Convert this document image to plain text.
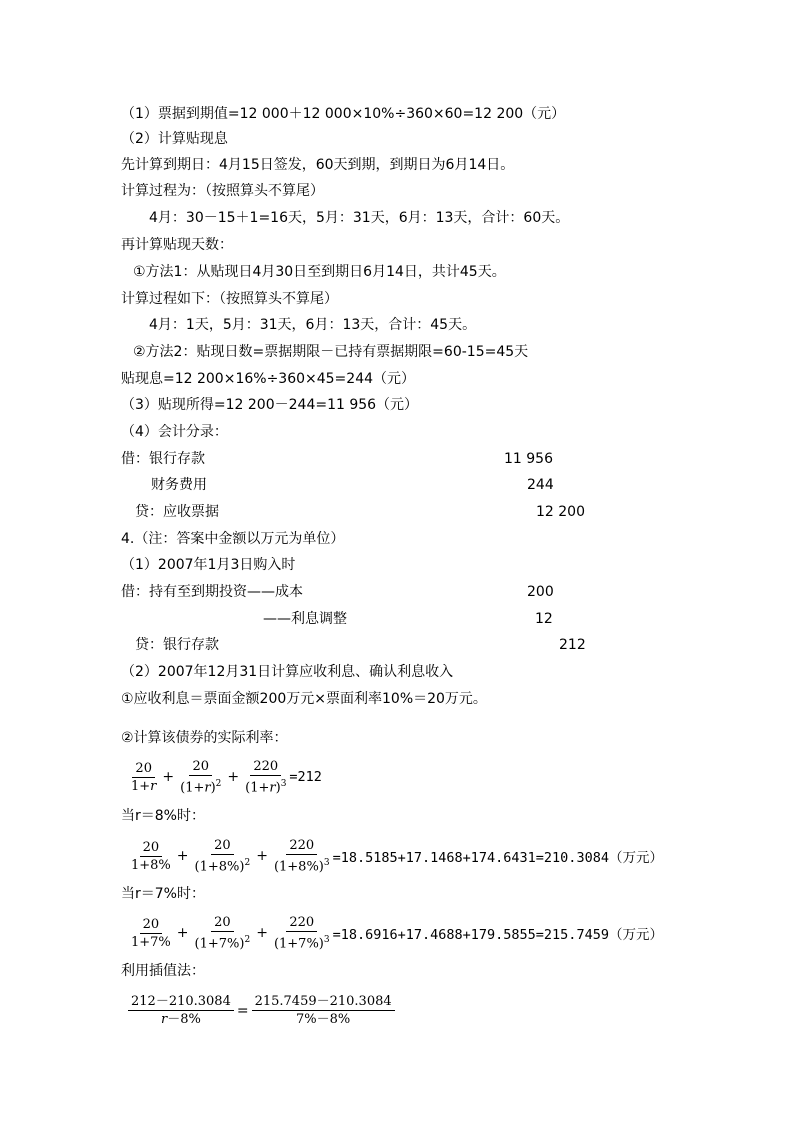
（1）票据到期值=12 000＋12 000×10%÷360×60=12 200（元）
（2）计算贴现息
先计算到期日：4月15日签发，60天到期，到期日为6月14日。
计算过程为：（按照算头不算尾）
4月：30－15＋1=16天，5月：31天，6月：13天，合计：60天。
再计算贴现天数：
①方法1：从贴现日4月30日至到期日6月14日，共计45天。
计算过程如下：（按照算头不算尾）
4月：1天，5月：31天，6月：13天，合计：45天。
②方法2：贴现日数=票据期限－已持有票据期限=60-15=45天
贴现息=12 200×16%÷360×45=244（元）
（3）贴现所得=12 200－244=11 956（元）
（4）会计分录：
借：银行存款	11 956
财务费用	244
贷：应收票据	12 200
4.（注：答案中金额以万元为单位）
（1）2007年1月3日购入时
借：持有至到期投资——成本	200
——利息调整	12
贷：银行存款	212
（2）2007年12月31日计算应收利息、确认利息收入
①应收利息＝票面金额200万元×票面利率10%＝20万元。
②计算该债券的实际利率：
$\frac{20}{1+r} + \frac{20}{(1+r)^2} + \frac{220}{(1+r)^3} =212$
当r＝8%时：
$\frac{20}{1+8\%} + \frac{20}{(1+8\%)^2} + \frac{220}{(1+8\%)^3} =18.5185+17.1468+174.6431=210.3084$（万元）
当r＝7%时：
$\frac{20}{1+7\%} + \frac{20}{(1+7\%)^2} + \frac{220}{(1+7\%)^3} =18.6916+17.4688+179.5855=215.7459$（万元）
利用插值法：
$\frac{212-210.3084}{r-8\%} = \frac{215.7459-210.3084}{7\%-8\%}$
